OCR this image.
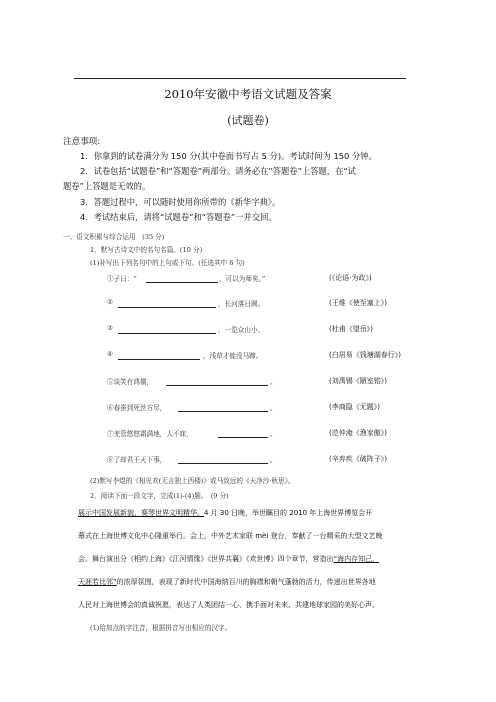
2010年安徽中考语文试题及答案
(试题卷)
注意事项:
1．你拿到的试卷满分为 150 分(其中卷面书写占 5 分)。考试时间为 150 分钟。
2．试卷包括“试题卷”和“答题卷”两部分。请务必在“答题卷”上答题，在“试
题卷”上答题是无效的。
3．答题过程中，可以随时使用你所带的《新华字典》。
4．考试结束后，请将“试题卷”和“答题卷”一并交回。
一、语文积累与综合运用　(35 分)
1．默写古诗文中的名句名篇。(10 分)
(1)补写出下列名句中的上句或下句。(任选其中 6 句)
①子曰：“	，可以为师矣。”	(《论语·为政》)
②	，长河落日圆。	(王维《使至塞上》)
③	，一览众山小。	(杜甫《望岳》)
④	，浅草才能没马蹄。	(白居易《钱塘湖春行》)
⑤谈笑有鸿儒，	。	(刘禹锡《陋室铭》)
⑥春蚕到死丝方尽，	。	(李商隐《无题》)
⑦羌管悠悠霜满地，人不寐，	。	(范仲淹《渔家傲》)
⑧了却君王天下事，	。	(辛弃疾《破阵子》)
(2)默写李煜的《相见欢(无言独上西楼)》或马致远的《天净沙·秋思》。
2．阅读下面一段文字，完成(1)-(4)题。　(9 分)
展示中国发展新貌，赛琴世界文明精华。4 月 30 日晚，举世瞩目的 2010 年上海世界博览会开
幕式在上海世博文化中心隆重举行。会上，中外艺术家联 mèi 登台，奉献了一台精采的大型文艺晚
会。舞台演出分《相约上海》《江河情缘》《世界共襄》《欢世博》四个章节，营造出“海内存知己，
天涯若比邻”的浓厚氛围，表现了新时代中国海纳百川的胸襟和朝气蓬勃的活力，传递出世界各地
人民对上海世博会的真诚祝愿，表达了人类团结一心、携手面对未来、共建地球家园的美好心声。
(1)给加点的字注音，根据拼音写出相应的汉字。
